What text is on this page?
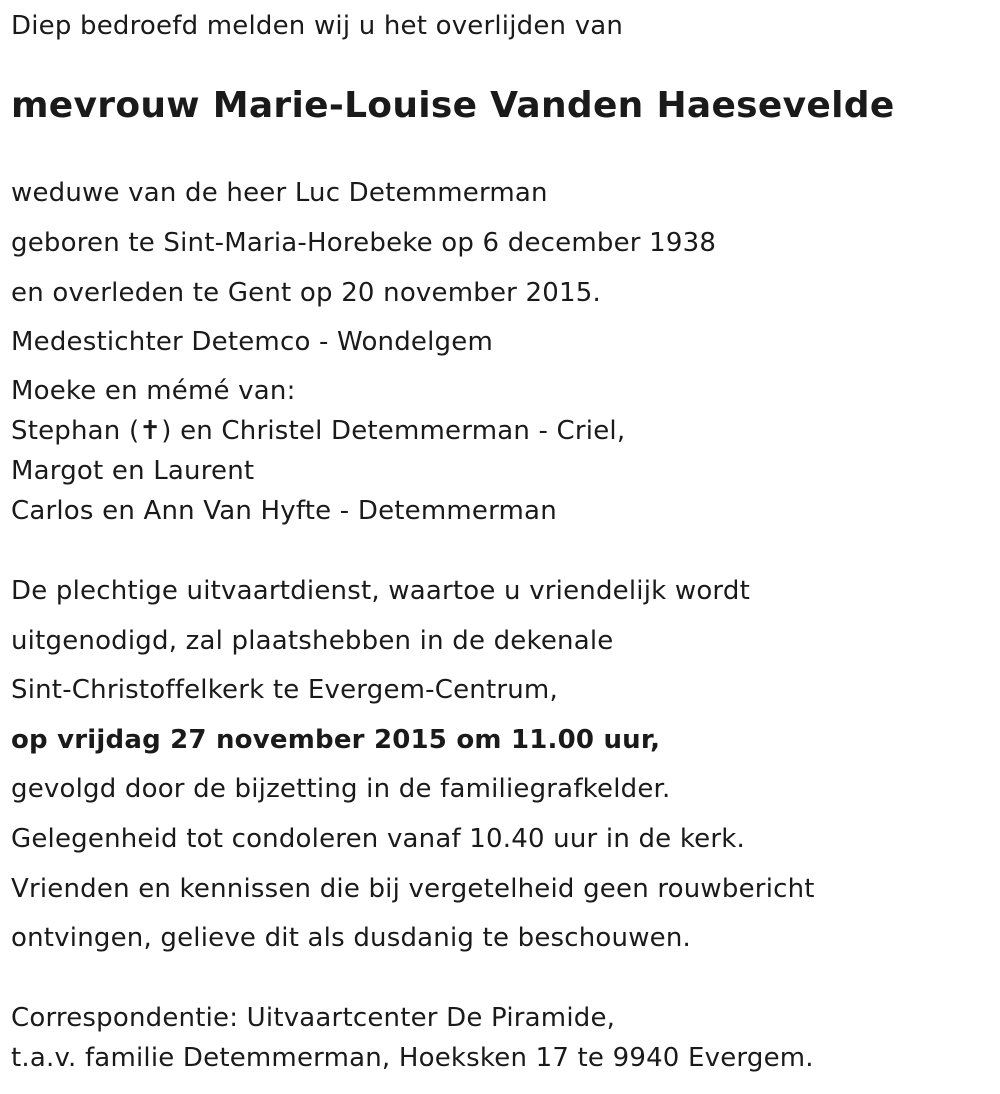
Diep bedroefd melden wij u het overlijden van
mevrouw Marie-Louise Vanden Haesevelde
weduwe van de heer Luc Detemmerman
geboren te Sint-Maria-Horebeke op 6 december 1938
en overleden te Gent op 20 november 2015.
Medestichter Detemco - Wondelgem
Moeke en mémé van:
Stephan (✝) en Christel Detemmerman - Criel,
Margot en Laurent
Carlos en Ann Van Hyfte - Detemmerman
De plechtige uitvaartdienst, waartoe u vriendelijk wordt
uitgenodigd, zal plaatshebben in de dekenale
Sint-Christoffelkerk te Evergem-Centrum,
op vrijdag 27 november 2015 om 11.00 uur,
gevolgd door de bijzetting in de familiegrafkelder.
Gelegenheid tot condoleren vanaf 10.40 uur in de kerk.
Vrienden en kennissen die bij vergetelheid geen rouwbericht
ontvingen, gelieve dit als dusdanig te beschouwen.
Correspondentie: Uitvaartcenter De Piramide,
t.a.v. familie Detemmerman, Hoeksken 17 te 9940 Evergem.
